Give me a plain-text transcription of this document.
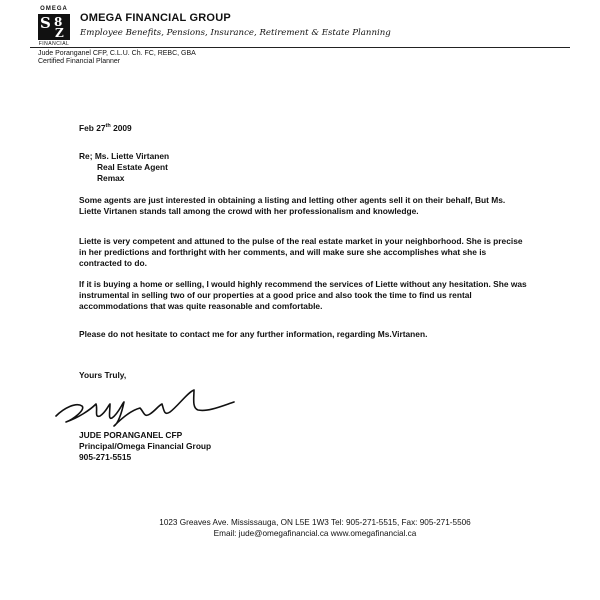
OMEGA
S 8
Z
FINANCIAL
OMEGA FINANCIAL GROUP
Employee Benefits, Pensions, Insurance, Retirement & Estate Planning
Jude Poranganel CFP, C.L.U. Ch. FC, REBC, GBA
Certified Financial Planner
Feb 27th 2009
Re; Ms. Liette Virtanen
Real Estate Agent
Remax
Some agents are just interested in obtaining a listing and letting other agents sell it on their behalf, But Ms. Liette Virtanen stands tall among the crowd with her professionalism and knowledge.
Liette is very competent and attuned to the pulse of the real estate market in your neighborhood. She is precise in her predictions and forthright with her comments, and will make sure she accomplishes what she is contracted to do.
If it is buying a home or selling, I would highly recommend the services of Liette without any hesitation. She was instrumental in selling two of our properties at a good price and also took the time to find us rental accommodations that was quite reasonable and comfortable.
Please do not hesitate to contact me for any further information, regarding Ms.Virtanen.
Yours Truly,
JUDE PORANGANEL CFP
Principal/Omega Financial Group
905-271-5515
1023 Greaves Ave. Mississauga, ON L5E 1W3 Tel: 905-271-5515, Fax: 905-271-5506
Email: jude@omegafinancial.ca www.omegafinancial.ca
